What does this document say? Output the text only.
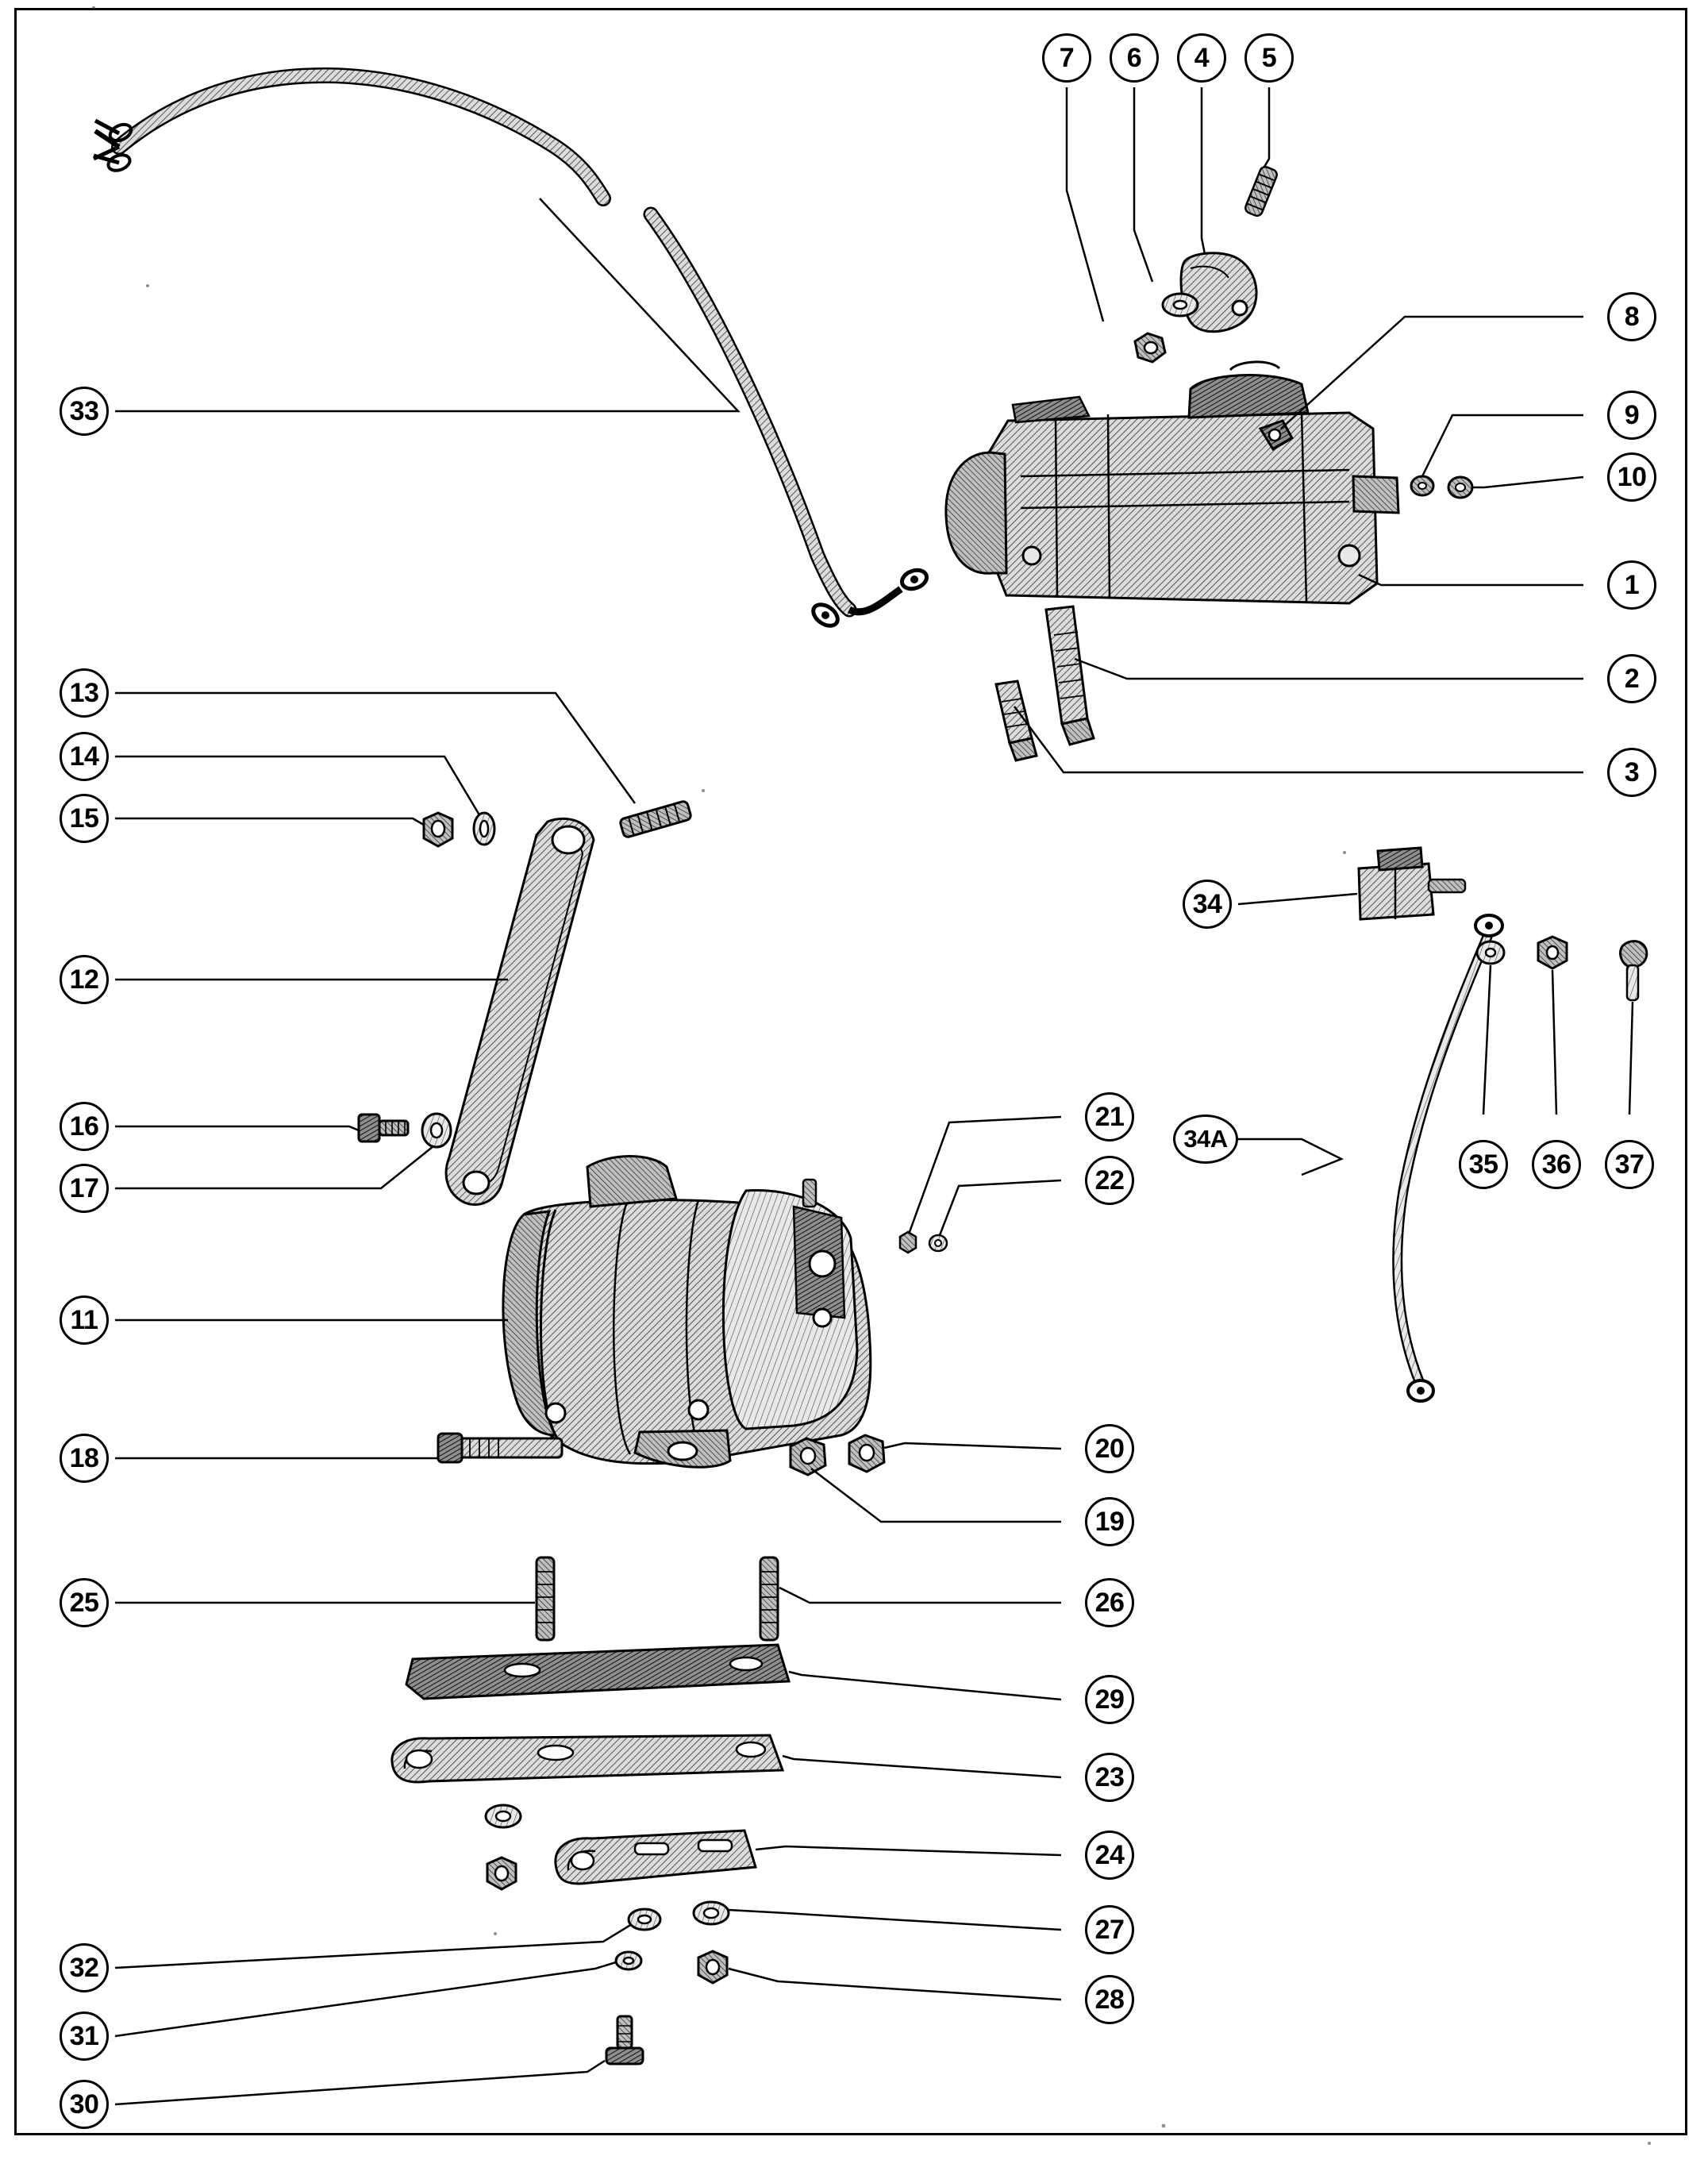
7	6	4	5
8
9
10
1
2
3
33
13
14
15
12
16
17
11
18
25
32
31
30
21
22
20
19
26
29
23
24
27
28
34
34A
35	36	37
